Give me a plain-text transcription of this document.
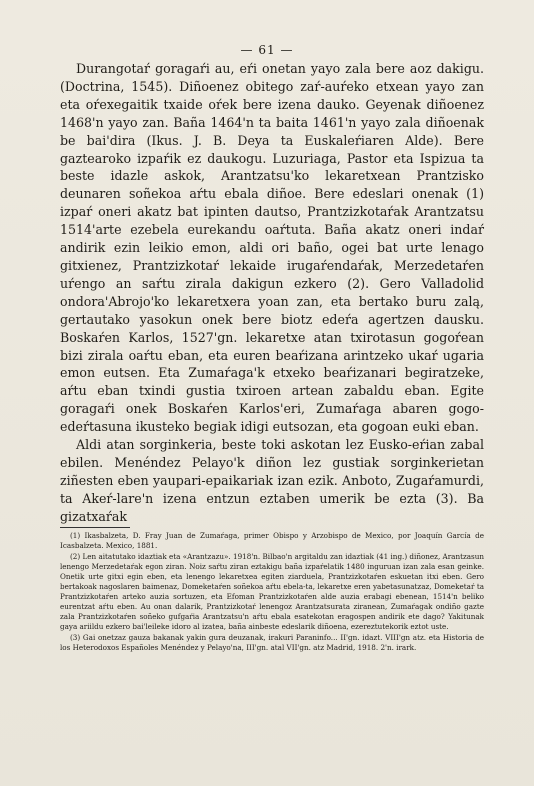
— 61 —

Durangotaŕ goragaŕi au, eŕi onetan yayo zala bere aoz dakigu. (Doctrina, 1545). Diñoenez obitego zaŕ-auŕeko etxean yayo zan eta oŕexegaitik txaide oŕek bere izena dauko. Geyenak diñoenez 1468'n yayo zan. Baña 1464'n ta baita 1461'n yayo zala diñoenak be bai'dira (Ikus. J. B. Deya ta Euskaleŕiaren Alde). Bere gaztearoko izpaŕik ez daukogu. Luzuriaga, Pastor eta Ispizua ta beste idazle askok, Arantzatsu'ko lekaretxean Prantzisko deunaren soñekoa aŕtu ebala diñoe. Bere edeslari onenak (1) izpaŕ oneri akatz bat ipinten dautso, Prantzizkotaŕak Arantzatsu 1514'arte ezebela eurekandu oaŕtuta. Baña akatz oneri indaŕ andirik ezin leikio emon, aldi ori baño, ogei bat urte lenago gitxienez, Prantzizkotaŕ lekaide irugaŕendaŕak, Merzedetaŕen uŕengo an saŕtu zirala dakigun ezkero (2). Gero Valladolid ondora'Abrojo'ko lekaretxera yoan zan, eta bertako buru zalą, gertautako yasokun onek bere biotz edeŕa agertzen dausku. Boskaŕen Karlos, 1527'gn. lekaretxe atan txirotasun gogoŕean bizi zirala oaŕtu eban, eta euren beaŕizana arintzeko ukaŕ ugaria emon eutsen. Eta Zumaŕaga'k etxeko beaŕizanari begiratzeke, aŕtu eban txindi gustia txiroen artean zabaldu eban. Egite goragaŕi onek Boskaŕen Karlos'eri, Zumaŕaga abaren gogo-edeŕtasuna ikusteko begiak idigi eutsozan, eta gogoan euki eban.

Aldi atan sorginkeria, beste toki askotan lez Eusko-eŕian zabal ebilen. Menéndez Pelayo'k diñon lez gustiak sorginkerietan ziñesten eben yaupari-epaikariak izan ezik. Anboto, Zugaŕamurdi, ta Akeŕ-lare'n izena entzun eztaben umerik be ezta (3). Ba gizatxaŕak

(1) Ikasbalzeta, D. Fray Juan de Zumaŕaga, primer Obispo y Arzobispo de Mexico, por Joaquín García de Icasbalzeta. Mexico, 1881.

(2) Len aitatutako idaztiak eta «Arantzazu». 1918'n. Bilbao'n argitaldu zan idaztiak (41 ing.) diñonez, Arantzasun lenengo Merzedetaŕak egon ziran. Noiz saŕtu ziran eztakigu baña izpaŕelatik 1480 inguruan izan zala esan geinke. Onetik urte gitxi egin eben, eta lenengo lekaretxea egiten ziarduela, Prantzizkotaŕen eskuetan itxi eben. Gero bertakoak nagoslaren baimenaz, Domeketaŕen soñekoa aŕtu ebela-ta, lekaretxe eren yabetasunatzaz, Domeketaŕ ta Prantzizkotaŕen arteko auzia sortuzen, eta Efoman Prantzizkotaŕen alde auzia erabagi ebenean, 1514'n beliko eurentzat aŕtu eben. Au onan dalarik, Prantzizkotaŕ lenengoz Arantzatsurata ziranean, Zumaŕagak ondiño gazte zala Prantzizkotaŕen soñeko gufgaŕia Arantzatsu'n aŕtu ebala esatekotan eragospen andirik ete dago? Yakitunak gaya ariildu ezkero bai'leileke idoro al izatea, baña ainbeste edeslarik diñoena, ezereztutekorik eztot uste.

(3) Gai onetzaz gauza bakanak yakin gura deuzanak, irakuri Paraninfo... II'gn. idazt. VIII'gn atz. eta Historia de los Heterodoxos Españoles Menéndez y Pelayo'na, III'gn. atal VII'gn. atz Madrid, 1918. 2'n. irark.
